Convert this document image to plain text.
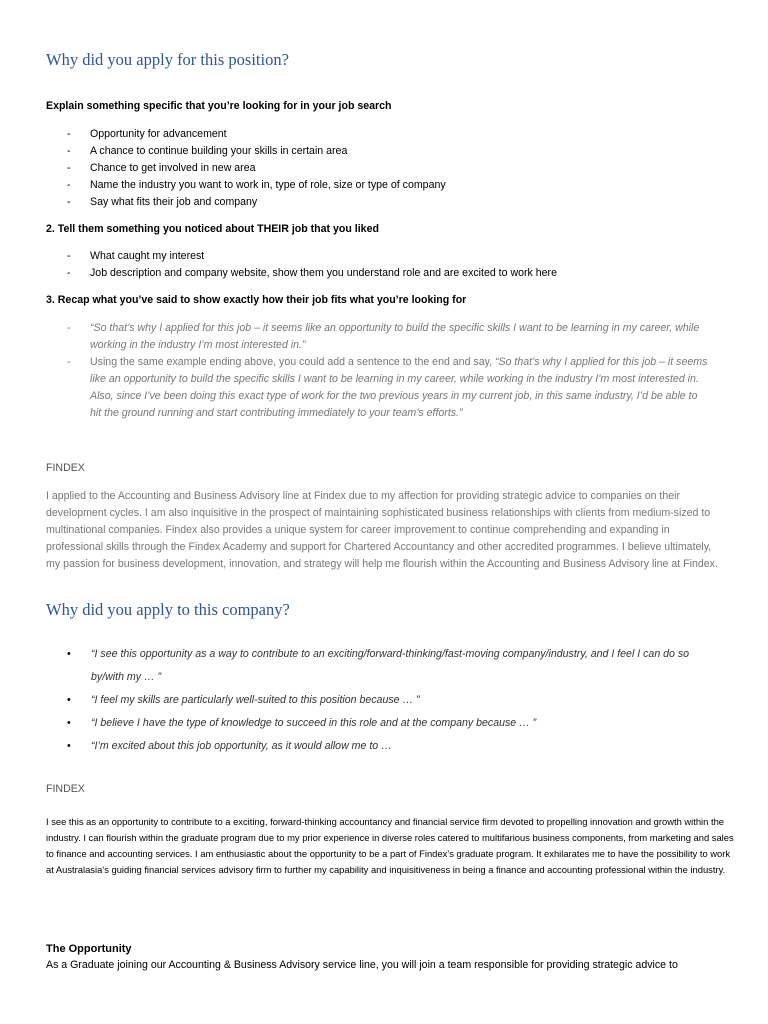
Why did you apply for this position?

Explain something specific that you’re looking for in your job search

- Opportunity for advancement
- A chance to continue building your skills in certain area
- Chance to get involved in new area
- Name the industry you want to work in, type of role, size or type of company
- Say what fits their job and company

2. Tell them something you noticed about THEIR job that you liked

- What caught my interest
- Job description and company website, show them you understand role and are excited to work here

3. Recap what you’ve said to show exactly how their job fits what you’re looking for

- “So that’s why I applied for this job – it seems like an opportunity to build the specific skills I want to be learning in my career, while working in the industry I’m most interested in.”
- Using the same example ending above, you could add a sentence to the end and say, “So that’s why I applied for this job – it seems like an opportunity to build the specific skills I want to be learning in my career, while working in the industry I’m most interested in. Also, since I’ve been doing this exact type of work for the two previous years in my current job, in this same industry, I’d be able to hit the ground running and start contributing immediately to your team’s efforts.”

FINDEX

I applied to the Accounting and Business Advisory line at Findex due to my affection for providing strategic advice to companies on their development cycles. I am also inquisitive in the prospect of maintaining sophisticated business relationships with clients from medium-sized to multinational companies. Findex also provides a unique system for career improvement to continue comprehending and expanding in professional skills through the Findex Academy and support for Chartered Accountancy and other accredited programmes. I believe ultimately, my passion for business development, innovation, and strategy will help me flourish within the Accounting and Business Advisory line at Findex.

Why did you apply to this company?
• “I see this opportunity as a way to contribute to an exciting/forward-thinking/fast-moving company/industry, and I feel I can do so by/with my … ”
• “I feel my skills are particularly well-suited to this position because … ”
• “I believe I have the type of knowledge to succeed in this role and at the company because … ”
• “I’m excited about this job opportunity, as it would allow me to …

FINDEX

I see this as an opportunity to contribute to a exciting, forward-thinking accountancy and financial service firm devoted to propelling innovation and growth within the industry. I can flourish within the graduate program due to my prior experience in diverse roles catered to multifarious business components, from marketing and sales to finance and accounting services. I am enthusiastic about the opportunity to be a part of Findex’s graduate program. It exhilarates me to have the possibility to work at Australasia’s guiding financial services advisory firm to further my capability and inquisitiveness in being a finance and accounting professional within the industry.

The Opportunity

As a Graduate joining our Accounting & Business Advisory service line, you will join a team responsible for providing strategic advice to
